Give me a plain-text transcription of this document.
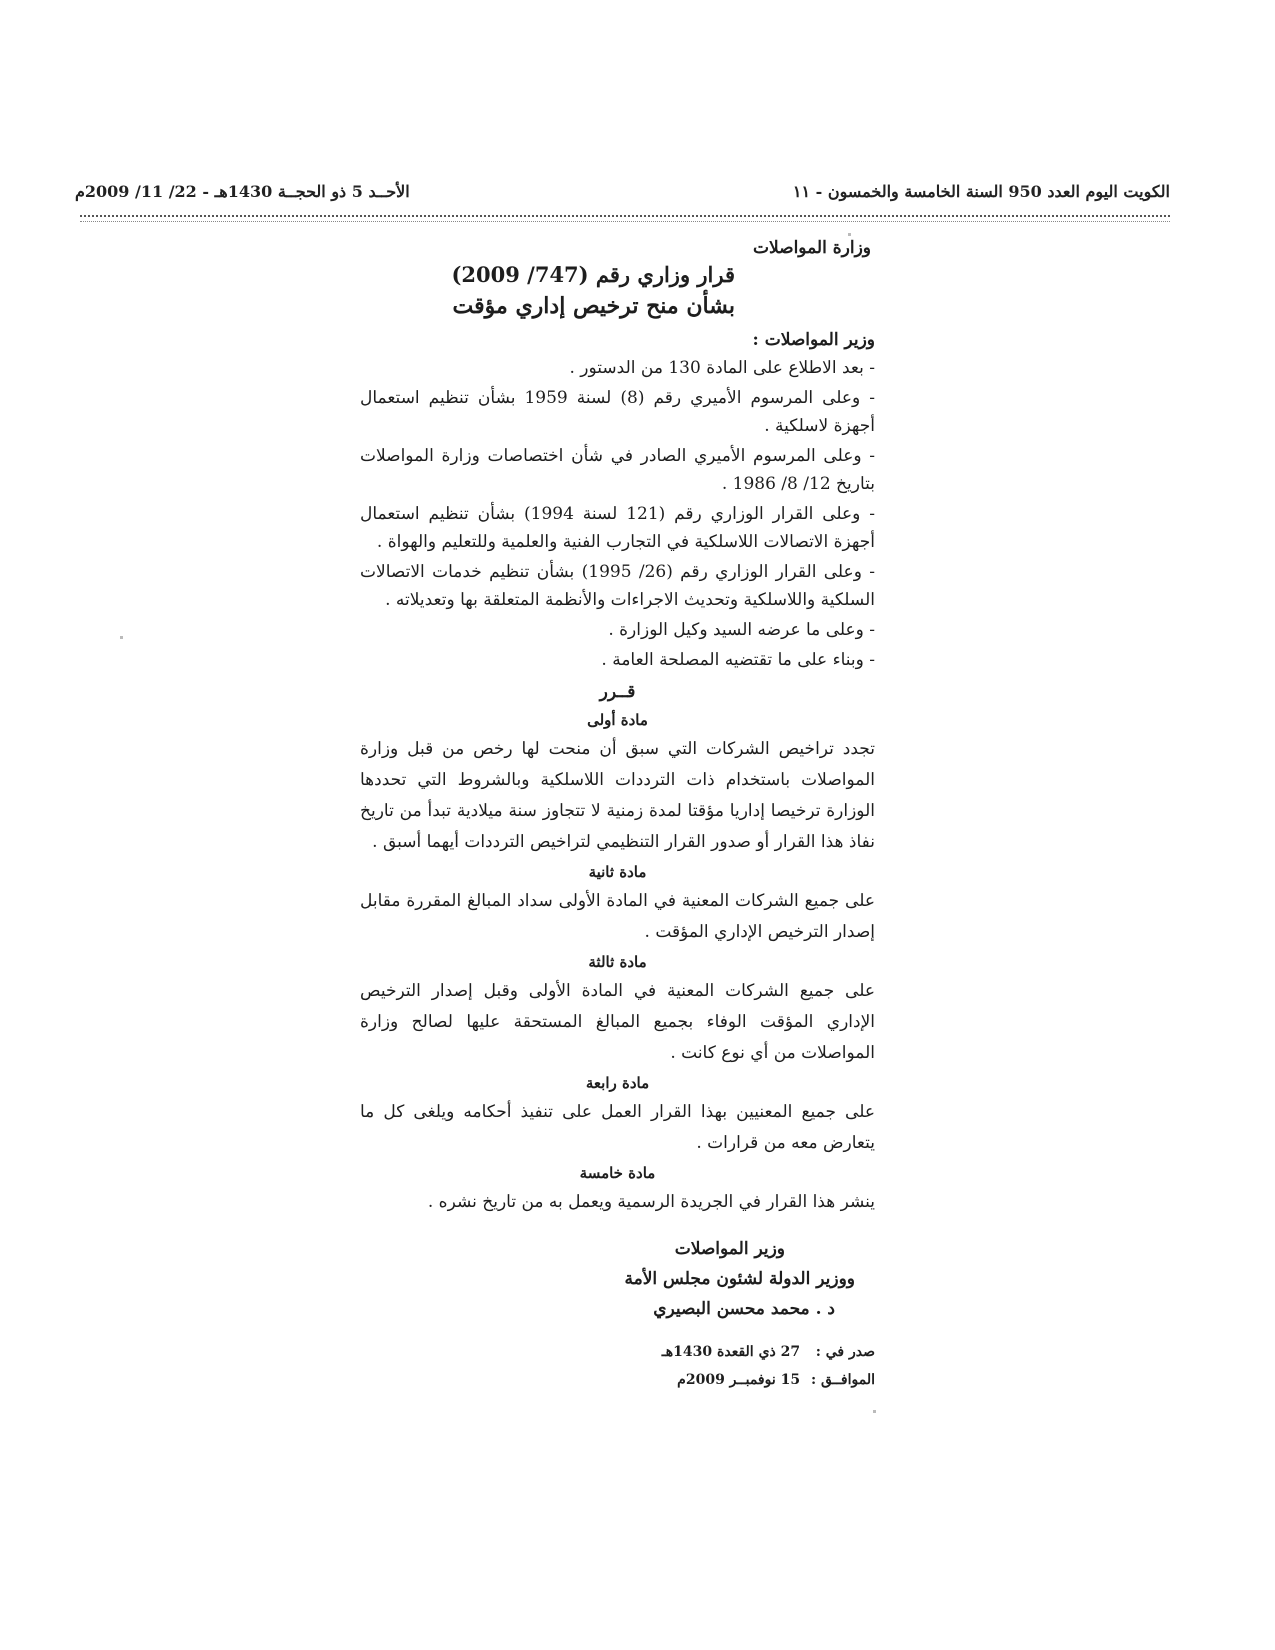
الكويت اليوم العدد 950 السنة الخامسة والخمسون - ١١
الأحــد 5 ذو الحجــة 1430هـ - 22/ 11/ 2009م
وزارة المواصلات
قرار وزاري رقم (747/ 2009)
بشأن منح ترخيص إداري مؤقت
وزير المواصلات :
- بعد الاطلاع على المادة 130 من الدستور .
- وعلى المرسوم الأميري رقم (8) لسنة 1959 بشأن تنظيم استعمال أجهزة لاسلكية .
- وعلى المرسوم الأميري الصادر في شأن اختصاصات وزارة المواصلات بتاريخ 12/ 8/ 1986 .
- وعلى القرار الوزاري رقم (121 لسنة 1994) بشأن تنظيم استعمال أجهزة الاتصالات اللاسلكية في التجارب الفنية والعلمية وللتعليم والهواة .
- وعلى القرار الوزاري رقم (26/ 1995) بشأن تنظيم خدمات الاتصالات السلكية واللاسلكية وتحديث الاجراءات والأنظمة المتعلقة بها وتعديلاته .
- وعلى ما عرضه السيد وكيل الوزارة .
- وبناء على ما تقتضيه المصلحة العامة .
قــرر
مادة أولى

تجدد تراخيص الشركات التي سبق أن منحت لها رخص من قبل وزارة المواصلات باستخدام ذات الترددات اللاسلكية وبالشروط التي تحددها الوزارة ترخيصا إداريا مؤقتا لمدة زمنية لا تتجاوز سنة ميلادية تبدأ من تاريخ نفاذ هذا القرار أو صدور القرار التنظيمي لتراخيص الترددات أيهما أسبق .

مادة ثانية

على جميع الشركات المعنية في المادة الأولى سداد المبالغ المقررة مقابل إصدار الترخيص الإداري المؤقت .

مادة ثالثة

على جميع الشركات المعنية في المادة الأولى وقبل إصدار الترخيص الإداري المؤقت الوفاء بجميع المبالغ المستحقة عليها لصالح وزارة المواصلات من أي نوع كانت .

مادة رابعة

على جميع المعنيين بهذا القرار العمل على تنفيذ أحكامه ويلغى كل ما يتعارض معه من قرارات .

مادة خامسة

ينشر هذا القرار في الجريدة الرسمية ويعمل به من تاريخ نشره .

وزير المواصلات
ووزير الدولة لشئون مجلس الأمة
د . محمد محسن البصيري
صدر في : 27 ذي القعدة 1430هـ
الموافــق : 15 نوفمبــر 2009م
